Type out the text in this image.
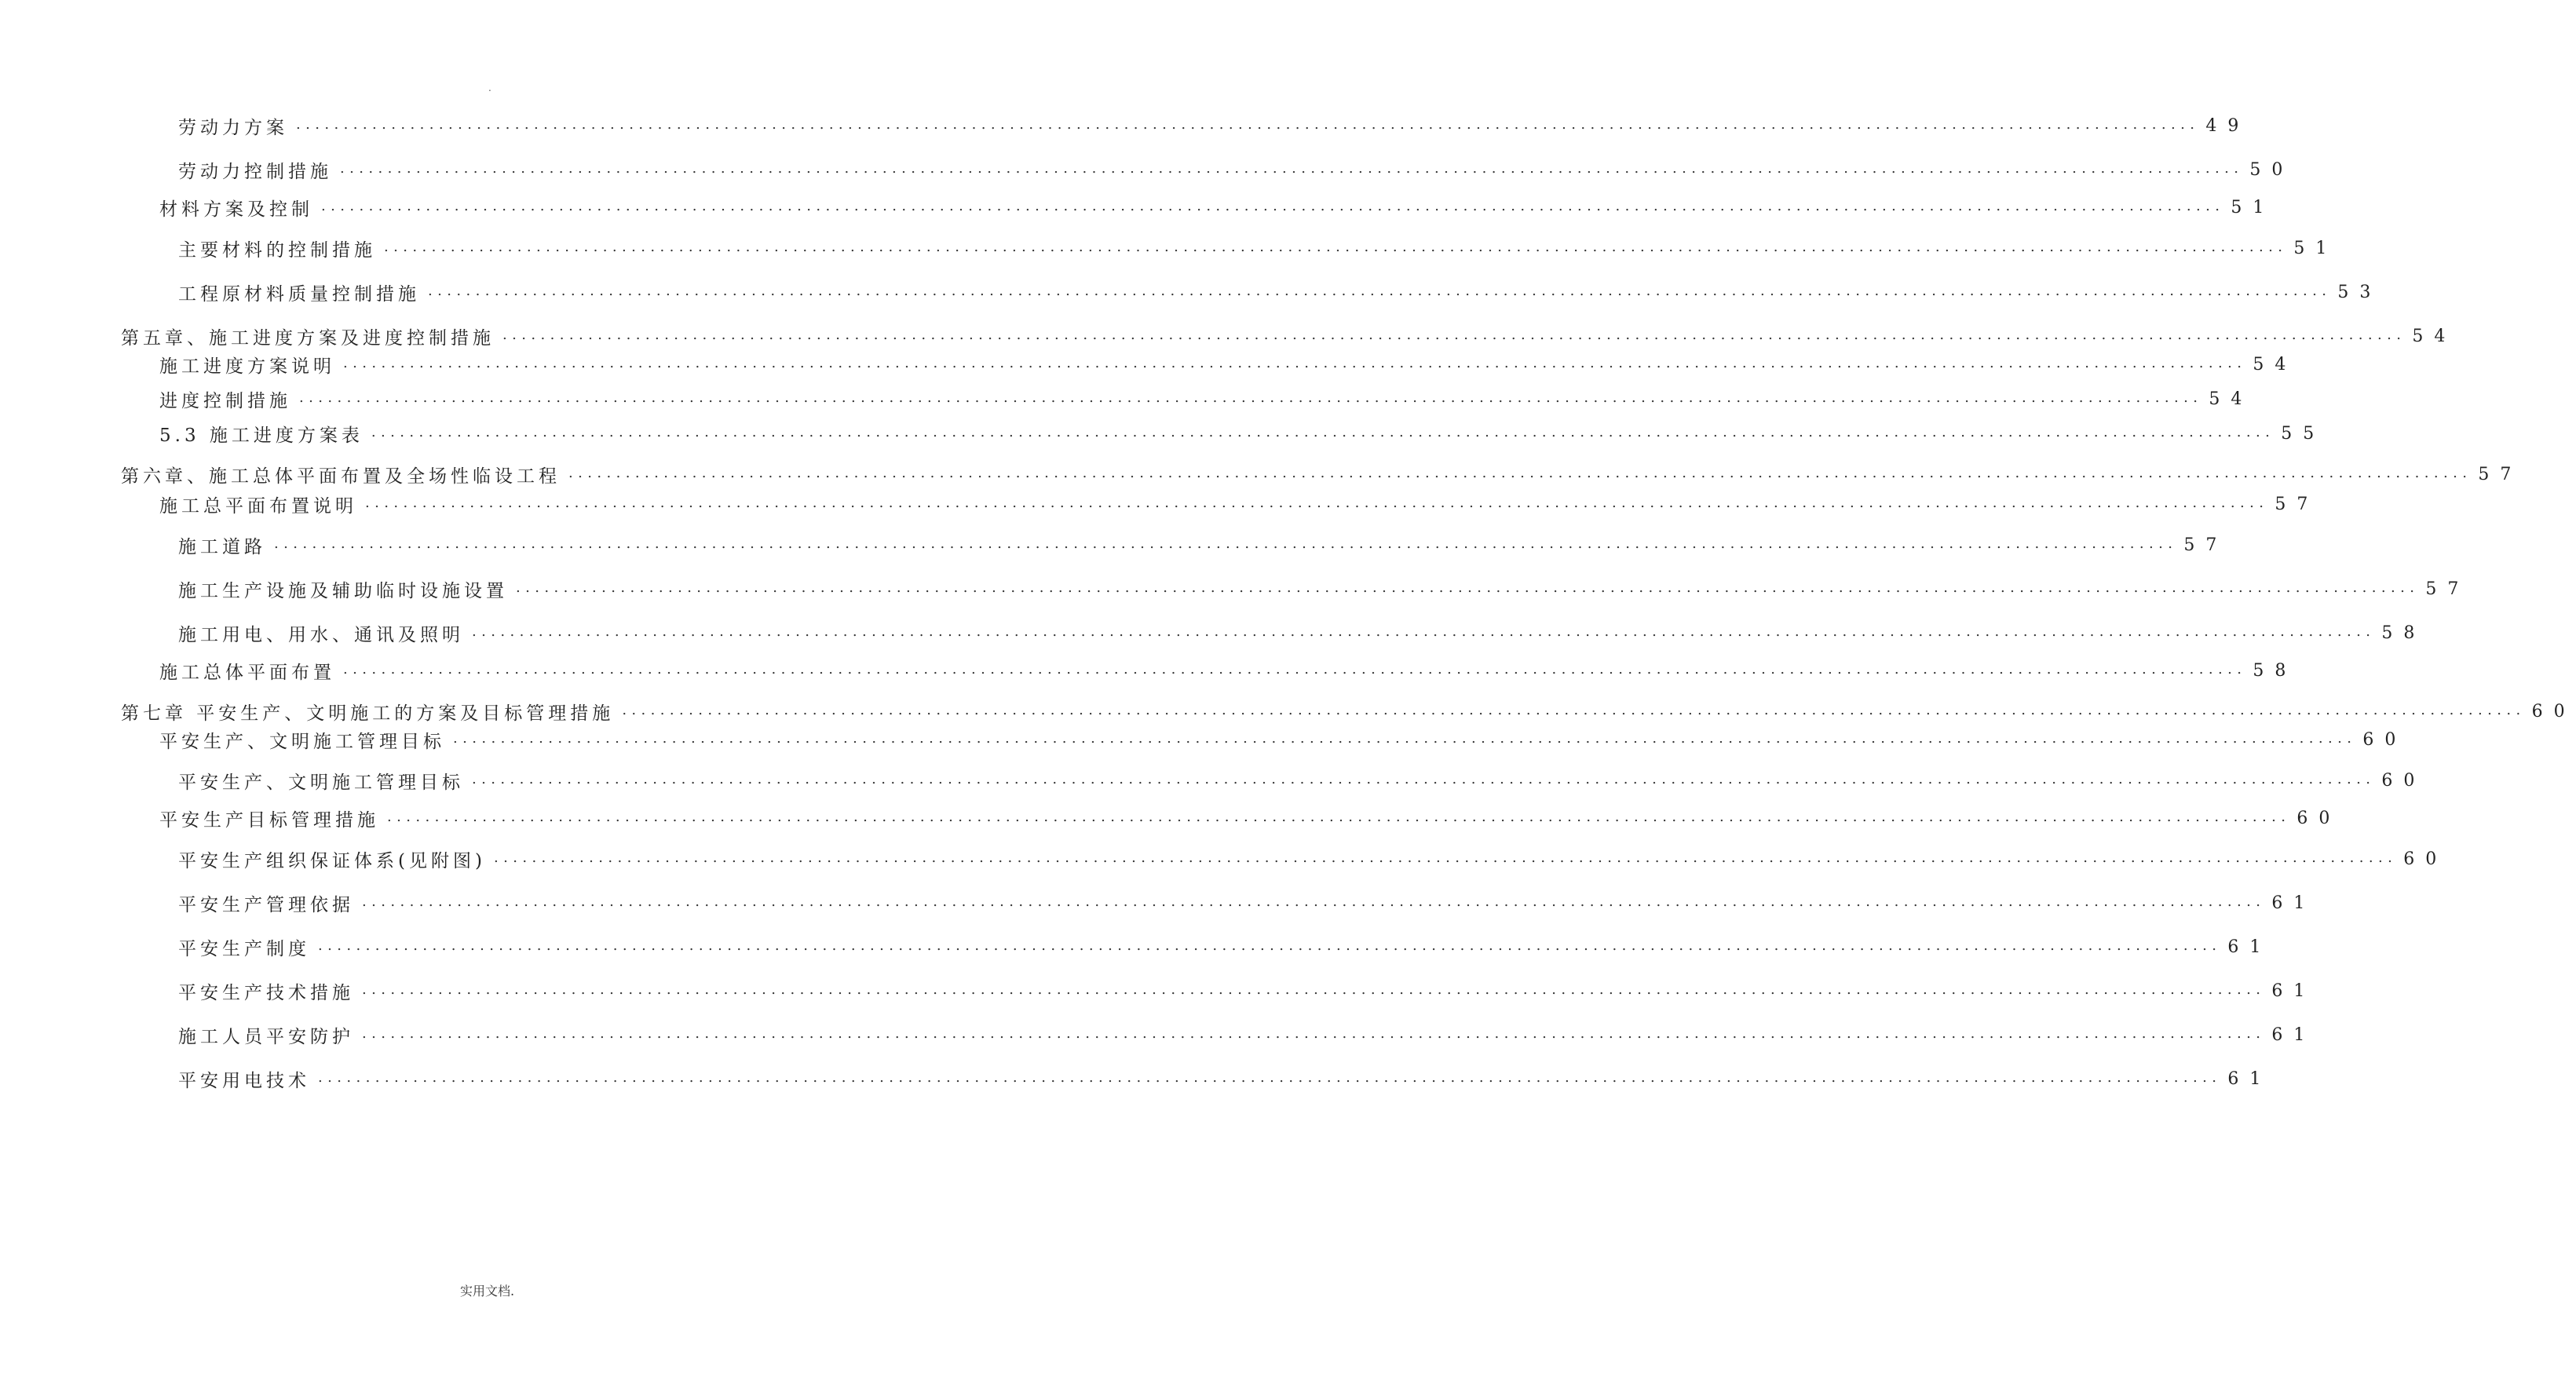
.
劳动力方案 ........................................................................................................................................................................................................ 49
劳动力控制措施 ........................................................................................................................................................................................................ 50
材料方案及控制 ........................................................................................................................................................................................................ 51
主要材料的控制措施 ........................................................................................................................................................................................................ 51
工程原材料质量控制措施 ........................................................................................................................................................................................................ 53
第五章、施工进度方案及进度控制措施 ........................................................................................................................................................................................................ 54
施工进度方案说明 ........................................................................................................................................................................................................ 54
进度控制措施 ........................................................................................................................................................................................................ 54
5.3 施工进度方案表 ........................................................................................................................................................................................................ 55
第六章、施工总体平面布置及全场性临设工程 ........................................................................................................................................................................................................ 57
施工总平面布置说明 ........................................................................................................................................................................................................ 57
施工道路 ........................................................................................................................................................................................................ 57
施工生产设施及辅助临时设施设置 ........................................................................................................................................................................................................ 57
施工用电、用水、通讯及照明 ........................................................................................................................................................................................................ 58
施工总体平面布置 ........................................................................................................................................................................................................ 58
第七章 平安生产、文明施工的方案及目标管理措施 ........................................................................................................................................................................................................ 60
平安生产、文明施工管理目标 ........................................................................................................................................................................................................ 60
平安生产、文明施工管理目标 ........................................................................................................................................................................................................ 60
平安生产目标管理措施 ........................................................................................................................................................................................................ 60
平安生产组织保证体系(见附图) ........................................................................................................................................................................................................ 60
平安生产管理依据 ........................................................................................................................................................................................................ 61
平安生产制度 ........................................................................................................................................................................................................ 61
平安生产技术措施 ........................................................................................................................................................................................................ 61
施工人员平安防护 ........................................................................................................................................................................................................ 61
平安用电技术 ........................................................................................................................................................................................................ 61
实用文档.
